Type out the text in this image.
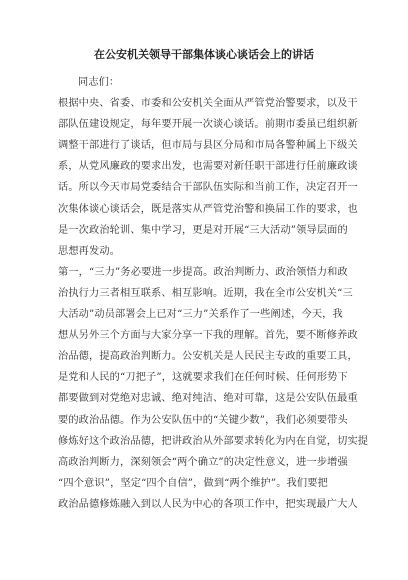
在公安机关领导干部集体谈心谈话会上的讲话
同志们：
根据中央、省委、市委和公安机关全面从严管党治警要求，以及干
部队伍建设规定，每年要开展一次谈心谈话。前期市委虽已组织新
调整干部进行了谈话，但市局与县区分局和市局各警种属上下级关
系，从党风廉政的要求出发，也需要对新任职干部进行任前廉政谈
话。所以今天市局党委结合干部队伍实际和当前工作，决定召开一
次集体谈心谈话会，既是落实从严管党治警和换届工作的要求，也
是一次政治轮训、集中学习，更是对开展“三大活动”领导层面的
思想再发动。
第一，“三力”务必要进一步提高。政治判断力、政治领悟力和政
治执行力三者相互联系、相互影响。近期，我在全市公安机关“三
大活动”动员部署会上已对“三力”关系作了一些阐述，今天，我
想从另外三个方面与大家分享一下我的理解。首先，要不断修养政
治品德，提高政治判断力。公安机关是人民民主专政的重要工具，
是党和人民的“刀把子”，这就要求我们在任何时候、任何形势下
都要做到对党绝对忠诚、绝对纯洁、绝对可靠，这是公安队伍最重
要的政治品德。作为公安队伍中的“关键少数”，我们必须要带头
修炼好这个政治品德，把讲政治从外部要求转化为内在自觉，切实提
高政治判断力，深刻领会“两个确立”的决定性意义，进一步增强
“四个意识”，坚定“四个自信”，做到“两个维护”。我们要把
政治品德修炼融入到以人民为中心的各项工作中，把实现最广大人
